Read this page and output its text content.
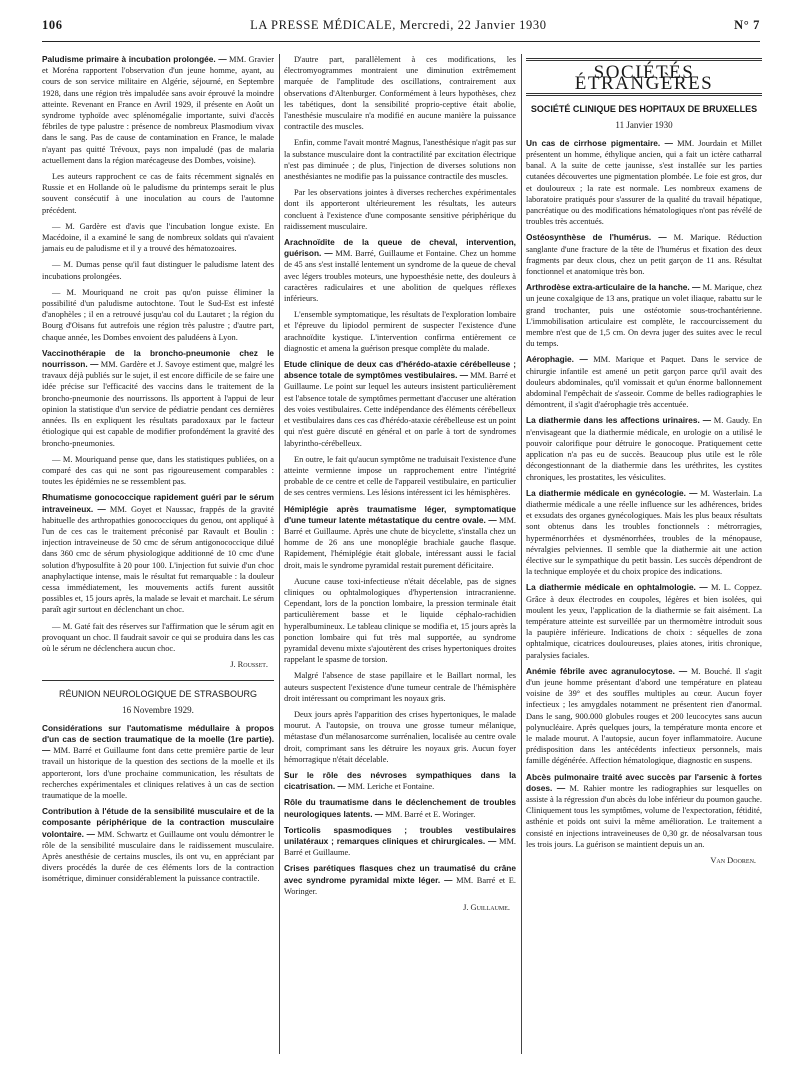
106	LA PRESSE MÉDICALE, Mercredi, 22 Janvier 1930	N° 7

Paludisme primaire à incubation prolongée. — MM. Gravier et Moréna rapportent l'observation d'un jeune homme, ayant, au cours de son service militaire en Algérie, séjourné, en Septembre 1928, dans une région très impaludée sans avoir éprouvé la moindre atteinte. Revenant en France en Avril 1929, il présente en Août un syndrome typhoïde avec splénomégalie importante, suivi d'accès fébriles de type palustre : présence de nombreux Plasmodium vivax dans le sang. Pas de cause de contamination en France, le malade n'ayant pas quitté Trévoux, pays non impaludé (pas de malaria actuellement dans la région marécageuse des Dombes, voisine).

Les auteurs rapprochent ce cas de faits récemment signalés en Russie et en Hollande où le paludisme du printemps serait le plus souvent consécutif à une inoculation au cours de l'automne précédent.

— M. Gardère est d'avis que l'incubation longue existe. En Macédoine, il a examiné le sang de nombreux soldats qui n'avaient jamais eu de paludisme et il y a trouvé des hématozoaires.

— M. Dumas pense qu'il faut distinguer le paludisme latent des incubations prolongées.

— M. Mouriquand ne croit pas qu'on puisse éliminer la possibilité d'un paludisme autochtone. Tout le Sud-Est est infesté d'anophèles ; il en a retrouvé jusqu'au col du Lautaret ; la région du Bourg d'Oisans fut autrefois une région très palustre ; d'autre part, chaque année, les Dombes envoient des paludéens à Lyon.

Vaccinothérapie de la broncho-pneumonie chez le nourrisson. — MM. Gardère et J. Savoye estiment que, malgré les travaux déjà publiés sur le sujet, il est encore difficile de se faire une idée précise sur l'efficacité des vaccins dans le traitement de la broncho-pneumonie des nourrissons. Ils apportent à l'appui de leur opinion la statistique d'un service de pédiatrie pendant ces dernières années. Ils en expliquent les résultats paradoxaux par le facteur étiologique qui est capable de modifier profondément la gravité des broncho-pneumonies.

— M. Mouriquand pense que, dans les statistiques publiées, on a comparé des cas qui ne sont pas rigoureusement comparables : toutes les épidémies ne se ressemblent pas.

Rhumatisme gonococcique rapidement guéri par le sérum intraveineux. — MM. Goyet et Naussac, frappés de la gravité habituelle des arthropathies gonococciques du genou, ont appliqué à l'un de ces cas le traitement préconisé par Ravault et Boulin : injection intraveineuse de 50 cmc de sérum antigonococcique dilué dans 360 cmc de sérum physiologique additionné de 10 cmc d'une solution d'hyposulfite à 20 pour 100. L'injection fut suivie d'un choc anaphylactique intense, mais le résultat fut remarquable : la douleur cessa immédiatement, les mouvements actifs furent aussitôt possibles et, 15 jours après, la malade se levait et marchait. Le sérum paraît agir surtout en déclenchant un choc.

— M. Gaté fait des réserves sur l'affirmation que le sérum agit en provoquant un choc. Il faudrait savoir ce qui se produira dans les cas où le sérum ne déclenchera aucun choc.

J. Rousset.

RÉUNION NEUROLOGIQUE DE STRASBOURG
16 Novembre 1929.

Considérations sur l'automatisme médullaire à propos d'un cas de section traumatique de la moelle (1re partie). — MM. Barré et Guillaume font dans cette première partie de leur travail un historique de la question des sections de la moelle et ils apporteront, lors d'une prochaine communication, les résultats de recherches expérimentales et cliniques relatives à un cas de section traumatique de la moelle.

Contribution à l'étude de la sensibilité musculaire et de la composante périphérique de la contraction musculaire volontaire. — MM. Schwartz et Guillaume ont voulu démontrer le rôle de la sensibilité musculaire dans le raidissement musculaire. Après anesthésie de certains muscles, ils ont vu, en appréciant par divers procédés la durée de ces éléments lors de la contraction isométrique, diminuer considérablement la puissance contractile.

D'autre part, parallèlement à ces modifications, les électromyogrammes montraient une diminution extrêmement marquée de l'amplitude des oscillations, contrairement aux observations d'Altenburger. Conformément à leurs hypothèses, chez les tabétiques, dont la sensibilité proprio-ceptive était abolie, l'anesthésie musculaire n'a modifié en aucune manière la puissance contractile des muscles.

Enfin, comme l'avait montré Magnus, l'anesthésique n'agit pas sur la substance musculaire dont la contractilité par excitation électrique n'est pas diminuée ; de plus, l'injection de diverses solutions non anesthésiantes ne modifie pas la puissance contractile des muscles.

Par les observations jointes à diverses recherches expérimentales dont ils apporteront ultérieurement les résultats, les auteurs concluent à l'existence d'une composante sensitive périphérique du raidissement musculaire.

Arachnoïdite de la queue de cheval, intervention, guérison. — MM. Barré, Guillaume et Fontaine. Chez un homme de 45 ans s'est installé lentement un syndrome de la queue de cheval avec légers troubles moteurs, une hypoesthésie nette, des douleurs à caractères radiculaires et une abolition de quelques réflexes inférieurs.

L'ensemble symptomatique, les résultats de l'exploration lombaire et l'épreuve du lipiodol permirent de suspecter l'existence d'une arachnoïdite kystique. L'intervention confirma entièrement ce diagnostic et amena la guérison presque complète du malade.

Etude clinique de deux cas d'hérédo-ataxie cérébelleuse ; absence totale de symptômes vestibulaires. — MM. Barré et Guillaume. Le point sur lequel les auteurs insistent particulièrement est l'absence totale de symptômes permettant d'accuser une altération des voies vestibulaires. Cette indépendance des éléments cérébelleux et vestibulaires dans ces cas d'hérédo-ataxie cérébelleuse est un point qui n'est guère discuté en général et on parle à tort de syndromes labyrintho-cérébelleux.

En outre, le fait qu'aucun symptôme ne traduisait l'existence d'une atteinte vermienne impose un rapprochement entre l'intégrité probable de ce centre et celle de l'appareil vestibulaire, en particulier de ses centres vermiens. Les lésions intéressent ici les hémisphères.

Hémiplégie après traumatisme léger, symptomatique d'une tumeur latente métastatique du centre ovale. — MM. Barré et Guillaume. Après une chute de bicyclette, s'installa chez un homme de 26 ans une monoplégie brachiale gauche flasque. Rapidement, l'hémiplégie était globale, intéressant aussi le facial droit, mais le syndrome pyramidal restait purement déficitaire.

Aucune cause toxi-infectieuse n'était décelable, pas de signes cliniques ou ophtalmologiques d'hypertension intracranienne. Cependant, lors de la ponction lombaire, la pression terminale était particulièrement basse et le liquide céphalo-rachidien hyperalbumineux. Le tableau clinique se modifia et, 15 jours après la ponction lombaire qui fut très mal supportée, au syndrome pyramidal devenu mixte s'ajoutèrent des crises hypertoniques droites rappelant le spasme de torsion.

Malgré l'absence de stase papillaire et le Baillart normal, les auteurs suspectent l'existence d'une tumeur centrale de l'hémisphère droit intéressant ou comprimant les noyaux gris.

Deux jours après l'apparition des crises hypertoniques, le malade mourut. A l'autopsie, on trouva une grosse tumeur mélanique, métastase d'un mélanosarcome surrénalien, localisée au centre ovale droit, comprimant sans les détruire les noyaux gris. Aucun foyer hémorragique n'était décelable.

Sur le rôle des névroses sympathiques dans la cicatrisation. — MM. Leriche et Fontaine.

Rôle du traumatisme dans le déclenchement de troubles neurologiques latents. — MM. Barré et E. Woringer.

Torticolis spasmodiques ; troubles vestibulaires unilatéraux ; remarques cliniques et chirurgicales. — MM. Barré et Guillaume.

Crises parétiques flasques chez un traumatisé du crâne avec syndrome pyramidal mixte léger. — MM. Barré et E. Woringer.

J. Guillaume.

SOCIÉTÉS ÉTRANGÈRES
SOCIÉTÉ CLINIQUE DES HOPITAUX DE BRUXELLES
11 Janvier 1930

Un cas de cirrhose pigmentaire. — MM. Jourdain et Millet présentent un homme, éthylique ancien, qui a fait un ictère catharral banal. A la suite de cette jaunisse, s'est installée sur les parties cutanées découvertes une pigmentation plombée. Le foie est gros, dur et douloureux ; la rate est normale. Les nombreux examens de laboratoire pratiqués pour s'assurer de la qualité du travail hépatique, pancréatique ou des modifications hématologiques n'ont pas révélé de troubles très accentués.

Ostéosynthèse de l'humérus. — M. Marique. Réduction sanglante d'une fracture de la tête de l'humérus et fixation des deux fragments par deux clous, chez un petit garçon de 11 ans. Résultat fonctionnel et anatomique très bon.

Arthrodèse extra-articulaire de la hanche. — M. Marique, chez un jeune coxalgique de 13 ans, pratique un volet iliaque, rabattu sur le grand trochanter, puis une ostéotomie sous-trochantérienne. L'immobilisation articulaire est complète, le raccourcissement du membre n'est que de 1,5 cm. On devra juger des suites avec le recul du temps.

Aérophagie. — MM. Marique et Paquet. Dans le service de chirurgie infantile est amené un petit garçon parce qu'il avait des douleurs abdominales, qu'il vomissait et qu'un énorme ballonnement abdominal l'empêchait de s'asseoir. Comme de belles radiographies le démontrent, il s'agit d'aérophagie très accentuée.

La diathermie dans les affections urinaires. — M. Gaudy. En n'envisageant que la diathermie médicale, en urologie on a utilisé le pouvoir calorifique pour détruire le gonocoque. Pratiquement cette application n'a pas eu de succès. Beaucoup plus utile est le rôle décongestionnant de la diathermie dans les uréthrites, les cystites chroniques, les prostatites, les vésiculites.

La diathermie médicale en gynécologie. — M. Wasterlain. La diathermie médicale a une réelle influence sur les adhérences, brides et exsudats des organes gynécologiques. Mais les plus beaux résultats sont obtenus dans les troubles fonctionnels : métrorragies, hyperménorrhées et dysménorrhées, troubles de la ménopause, névralgies pelviennes. Il semble que la diathermie ait une action élective sur le sympathique du petit bassin. Les succès dépendront de la technique employée et du choix propice des indications.

La diathermie médicale en ophtalmologie. — M. L. Coppez. Grâce à deux électrodes en coupoles, légères et bien isolées, qui moulent les yeux, l'application de la diathermie se fait aisément. La température atteinte est surveillée par un thermomètre introduit sous la paupière inférieure. Indications de choix : séquelles de zona ophtalmique, cicatrices douloureuses, plaies atones, iritis chronique, paralysies faciales.

Anémie fébrile avec agranulocytose. — M. Bouché. Il s'agit d'un jeune homme présentant d'abord une température en plateau voisine de 39° et des souffles multiples au cœur. Aucun foyer infectieux ; les amygdales notamment ne présentent rien d'anormal. Dans le sang, 900.000 globules rouges et 200 leucocytes sans aucun polynucléaire. Après quelques jours, la température monta encore et le malade mourut. A l'autopsie, aucun foyer inflammatoire. Aucune prédisposition dans les antécédents infectieux personnels, mais famille dégénérée. Affection hématologique, diagnostic en suspens.

Abcès pulmonaire traité avec succès par l'arsenic à fortes doses. — M. Rahier montre les radiographies sur lesquelles on assiste à la régression d'un abcès du lobe inférieur du poumon gauche. Cliniquement tous les symptômes, volume de l'expectoration, fétidité, asthénie et poids ont suivi la même amélioration. Le traitement a consisté en injections intraveineuses de 0,30 gr. de néosalvarsan tous les trois jours. La guérison se maintient depuis un an.

Van Dooren.
